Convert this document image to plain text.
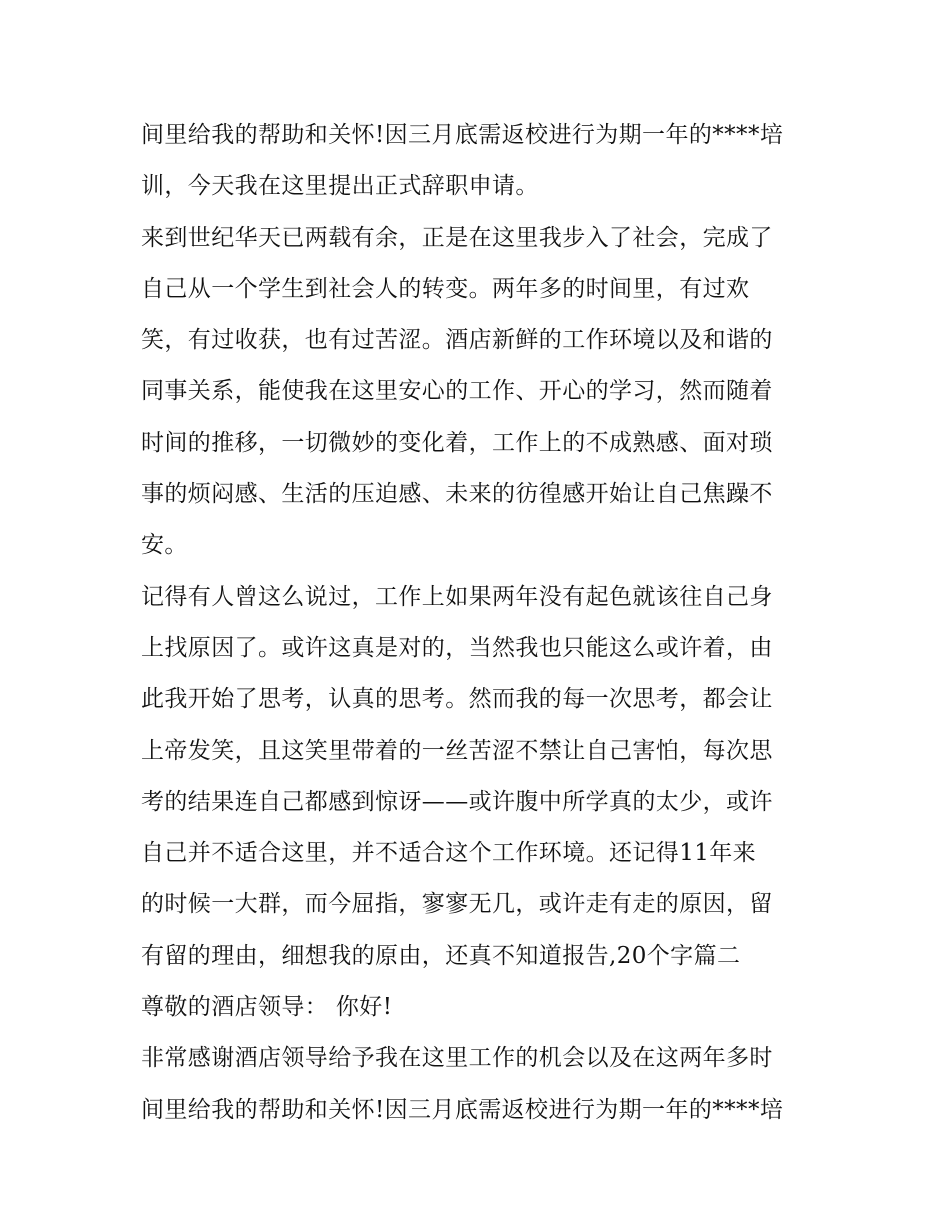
间里给我的帮助和关怀!因三月底需返校进行为期一年的****培
训，今天我在这里提出正式辞职申请。
来到世纪华天已两载有余，正是在这里我步入了社会，完成了
自己从一个学生到社会人的转变。两年多的时间里，有过欢
笑，有过收获，也有过苦涩。酒店新鲜的工作环境以及和谐的
同事关系，能使我在这里安心的工作、开心的学习，然而随着
时间的推移，一切微妙的变化着，工作上的不成熟感、面对琐
事的烦闷感、生活的压迫感、未来的彷徨感开始让自己焦躁不
安。
记得有人曾这么说过，工作上如果两年没有起色就该往自己身
上找原因了。或许这真是对的，当然我也只能这么或许着，由
此我开始了思考，认真的思考。然而我的每一次思考，都会让
上帝发笑，且这笑里带着的一丝苦涩不禁让自己害怕，每次思
考的结果连自己都感到惊讶——或许腹中所学真的太少，或许
自己并不适合这里，并不适合这个工作环境。还记得11年来
的时候一大群，而今屈指，寥寥无几，或许走有走的原因，留
有留的理由，细想我的原由，还真不知道报告,20个字篇二
尊敬的酒店领导： 你好!
非常感谢酒店领导给予我在这里工作的机会以及在这两年多时
间里给我的帮助和关怀!因三月底需返校进行为期一年的****培
